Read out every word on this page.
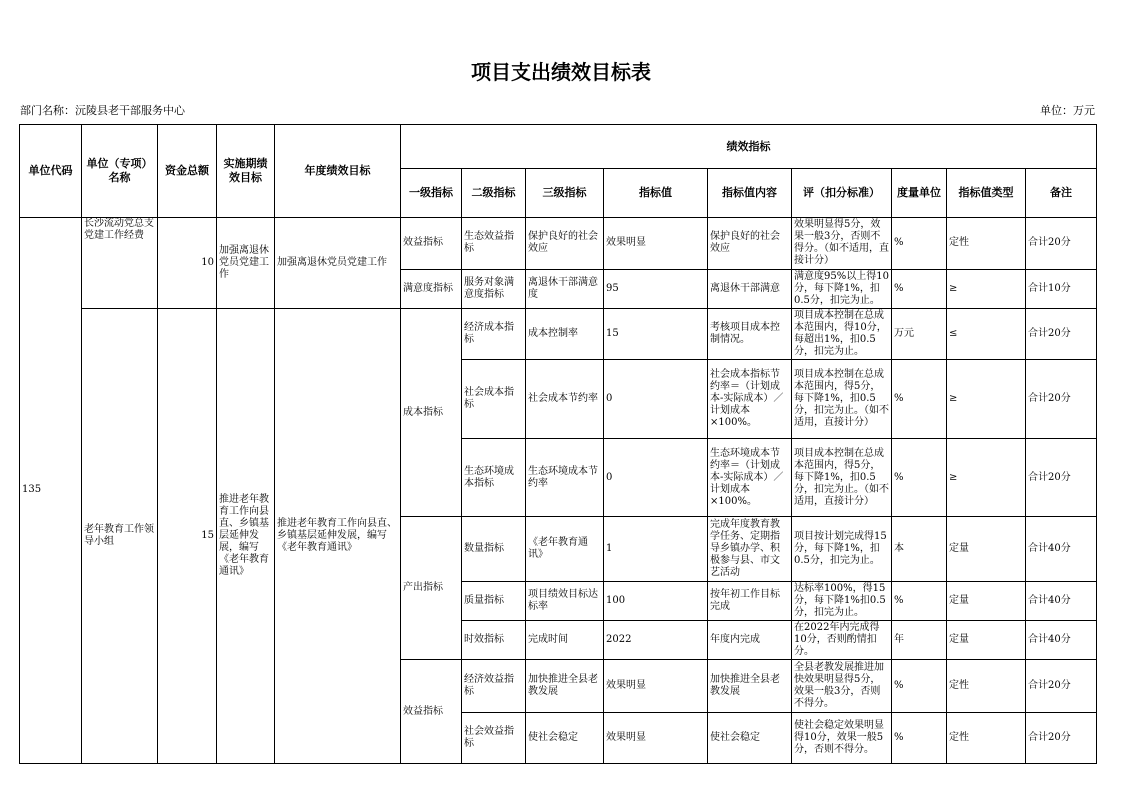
项目支出绩效目标表
部门名称：沅陵县老干部服务中心	单位：万元
单位代码	单位（专项）名称	资金总额	实施期绩效目标	年度绩效目标	绩效指标								
					一级指标	二级指标	三级指标	指标值	指标值内容	评（扣分标准）	度量单位	指标值类型	备注
135	长沙流动党总支党建工作经费	10	加强离退休党员党建工作	加强离退休党员党建工作	效益指标	生态效益指标	保护良好的社会效应	效果明显	保护良好的社会效应	效果明显得5分，效果一般3分，否则不得分。（如不适用，直接计分）	%	定性	合计20分
					满意度指标	服务对象满意度指标	离退休干部满意度	95	离退休干部满意	满意度95%以上得10分，每下降1%，扣0.5分，扣完为止。	%	≥	合计10分
	老年教育工作领导小组	15	推进老年教育工作向县直、乡镇基层延伸发展，编写《老年教育通讯》	推进老年教育工作向县直、乡镇基层延伸发展，编写《老年教育通讯》	成本指标	经济成本指标	成本控制率	15	考核项目成本控制情况。	项目成本控制在总成本范围内，得10分，每超出1%，扣0.5分，扣完为止。	万元	≤	合计20分
						社会成本指标	社会成本节约率	0	社会成本指标节约率＝（计划成本-实际成本）／计划成本×100%。	项目成本控制在总成本范围内，得5分，每下降1%，扣0.5分，扣完为止。（如不适用，直接计分）	%	≥	合计20分
						生态环境成本指标	生态环境成本节约率	0	生态环境成本节约率＝（计划成本-实际成本）／计划成本×100%。	项目成本控制在总成本范围内，得5分，每下降1%，扣0.5分，扣完为止。（如不适用，直接计分）	%	≥	合计20分
					产出指标	数量指标	《老年教育通讯》	1	完成年度教育教学任务、定期指导乡镇办学、积极参与县、市文艺活动	项目按计划完成得15分，每下降1%，扣0.5分，扣完为止。	本	定量	合计40分
						质量指标	项目绩效目标达标率	100	按年初工作目标完成	达标率100%，得15分，每下降1%扣0.5分，扣完为止。	%	定量	合计40分
						时效指标	完成时间	2022	年度内完成	在2022年内完成得10分，否则酌情扣分。	年	定量	合计40分
					效益指标	经济效益指标	加快推进全县老教发展	效果明显	加快推进全县老教发展	全县老教发展推进加快效果明显得5分，效果一般3分，否则不得分。	%	定性	合计20分
						社会效益指标	使社会稳定	效果明显	使社会稳定	使社会稳定效果明显得10分，效果一般5分，否则不得分。	%	定性	合计20分
